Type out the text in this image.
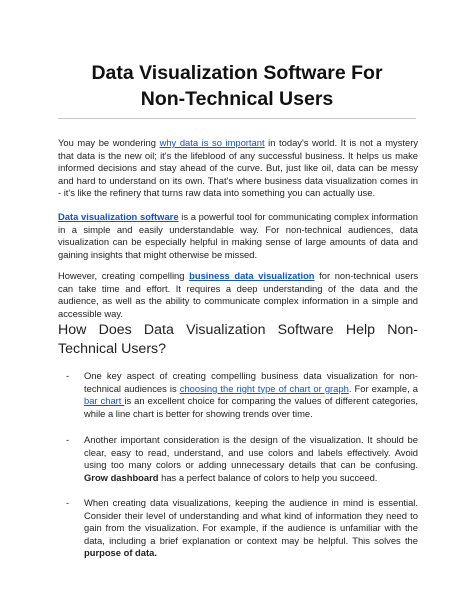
Data Visualization Software For
Non-Technical Users
You may be wondering why data is so important in today's world. It is not a mystery that data is the new oil; it's the lifeblood of any successful business. It helps us make informed decisions and stay ahead of the curve. But, just like oil, data can be messy and hard to understand on its own. That's where business data visualization comes in - it's like the refinery that turns raw data into something you can actually use.
Data visualization software is a powerful tool for communicating complex information in a simple and easily understandable way. For non-technical audiences, data visualization can be especially helpful in making sense of large amounts of data and gaining insights that might otherwise be missed.
However, creating compelling business data visualization for non-technical users can take time and effort. It requires a deep understanding of the data and the audience, as well as the ability to communicate complex information in a simple and accessible way.
How Does Data Visualization Software Help Non-Technical Users?
-	One key aspect of creating compelling business data visualization for non-technical audiences is choosing the right type of chart or graph. For example, a bar chart is an excellent choice for comparing the values of different categories, while a line chart is better for showing trends over time.
-	Another important consideration is the design of the visualization. It should be clear, easy to read, understand, and use colors and labels effectively. Avoid using too many colors or adding unnecessary details that can be confusing. Grow dashboard has a perfect balance of colors to help you succeed.
-	When creating data visualizations, keeping the audience in mind is essential. Consider their level of understanding and what kind of information they need to gain from the visualization. For example, if the audience is unfamiliar with the data, including a brief explanation or context may be helpful. This solves the purpose of data.
